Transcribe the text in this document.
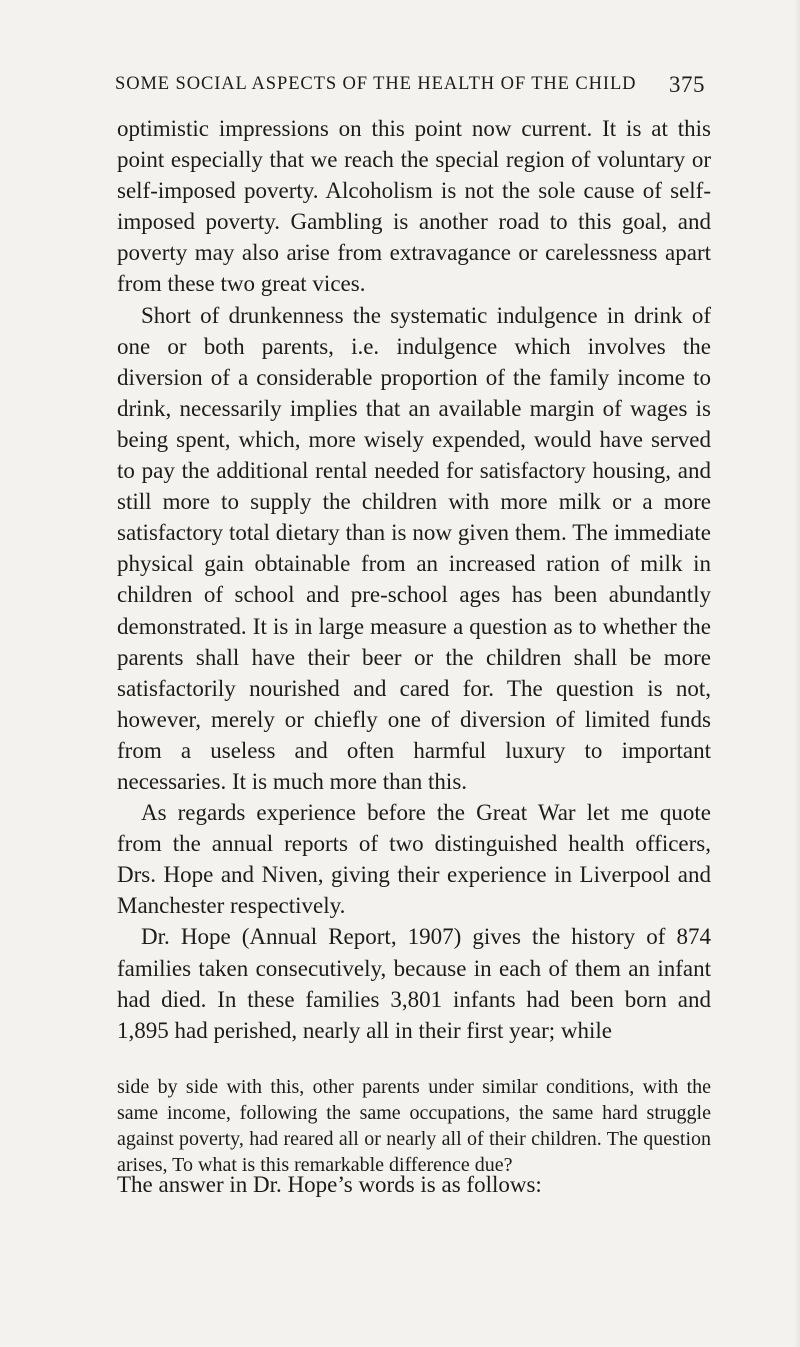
SOME SOCIAL ASPECTS OF THE HEALTH OF THE CHILD 375

optimistic impressions on this point now current. It is at this point especially that we reach the special region of voluntary or self-imposed poverty. Alcoholism is not the sole cause of self-imposed poverty. Gambling is another road to this goal, and poverty may also arise from extravagance or carelessness apart from these two great vices.

Short of drunkenness the systematic indulgence in drink of one or both parents, i.e. indulgence which involves the diversion of a considerable proportion of the family income to drink, necessarily implies that an available margin of wages is being spent, which, more wisely expended, would have served to pay the additional rental needed for satisfactory housing, and still more to supply the children with more milk or a more satisfactory total dietary than is now given them. The immediate physical gain obtainable from an increased ration of milk in children of school and pre-school ages has been abundantly demonstrated. It is in large measure a question as to whether the parents shall have their beer or the children shall be more satisfactorily nourished and cared for. The question is not, however, merely or chiefly one of diversion of limited funds from a useless and often harmful luxury to important necessaries. It is much more than this.

As regards experience before the Great War let me quote from the annual reports of two distinguished health officers, Drs. Hope and Niven, giving their experience in Liverpool and Manchester respectively.

Dr. Hope (Annual Report, 1907) gives the history of 874 families taken consecutively, because in each of them an infant had died. In these families 3,801 infants had been born and 1,895 had perished, nearly all in their first year; while

side by side with this, other parents under similar conditions, with the same income, following the same occupations, the same hard struggle against poverty, had reared all or nearly all of their children. The question arises, To what is this remarkable difference due?

The answer in Dr. Hope’s words is as follows:
